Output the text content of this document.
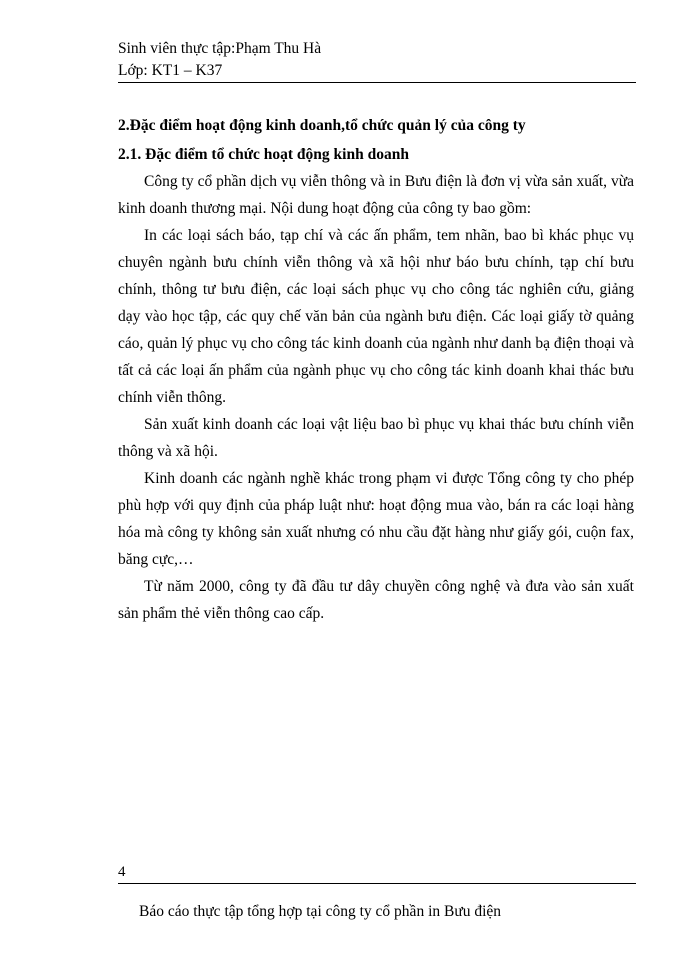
Sinh viên thực tập:Phạm Thu Hà
Lớp: KT1 – K37

2.Đặc điểm hoạt động kinh doanh,tổ chức quản lý của công ty

2.1. Đặc điểm tổ chức hoạt động kinh doanh

Công ty cổ phần dịch vụ viễn thông và in Bưu điện là đơn vị vừa sản xuất, vừa kinh doanh thương mại. Nội dung hoạt động của công ty bao gồm:

In các loại sách báo, tạp chí và các ấn phẩm, tem nhãn, bao bì khác phục vụ chuyên ngành bưu chính viễn thông và xã hội như báo bưu chính, tạp chí bưu chính, thông tư bưu điện, các loại sách phục vụ cho công tác nghiên cứu, giảng dạy vào học tập, các quy chế văn bản của ngành bưu điện. Các loại giấy tờ quảng cáo, quản lý phục vụ cho công tác kinh doanh của ngành như danh bạ điện thoại và tất cả các loại ấn phẩm của ngành phục vụ cho công tác kinh doanh khai thác bưu chính viễn thông.

Sản xuất kinh doanh các loại vật liệu bao bì phục vụ khai thác bưu chính viễn thông và xã hội.

Kinh doanh các ngành nghề khác trong phạm vi được Tổng công ty cho phép phù hợp với quy định của pháp luật như: hoạt động mua vào, bán ra các loại hàng hóa mà công ty không sản xuất nhưng có nhu cầu đặt hàng như giấy gói, cuộn fax, băng cực,…

Từ năm 2000, công ty đã đầu tư dây chuyền công nghệ và đưa vào sản xuất sản phẩm thẻ viễn thông cao cấp.

4
Báo cáo thực tập tổng hợp tại công ty cổ phần in Bưu điện
